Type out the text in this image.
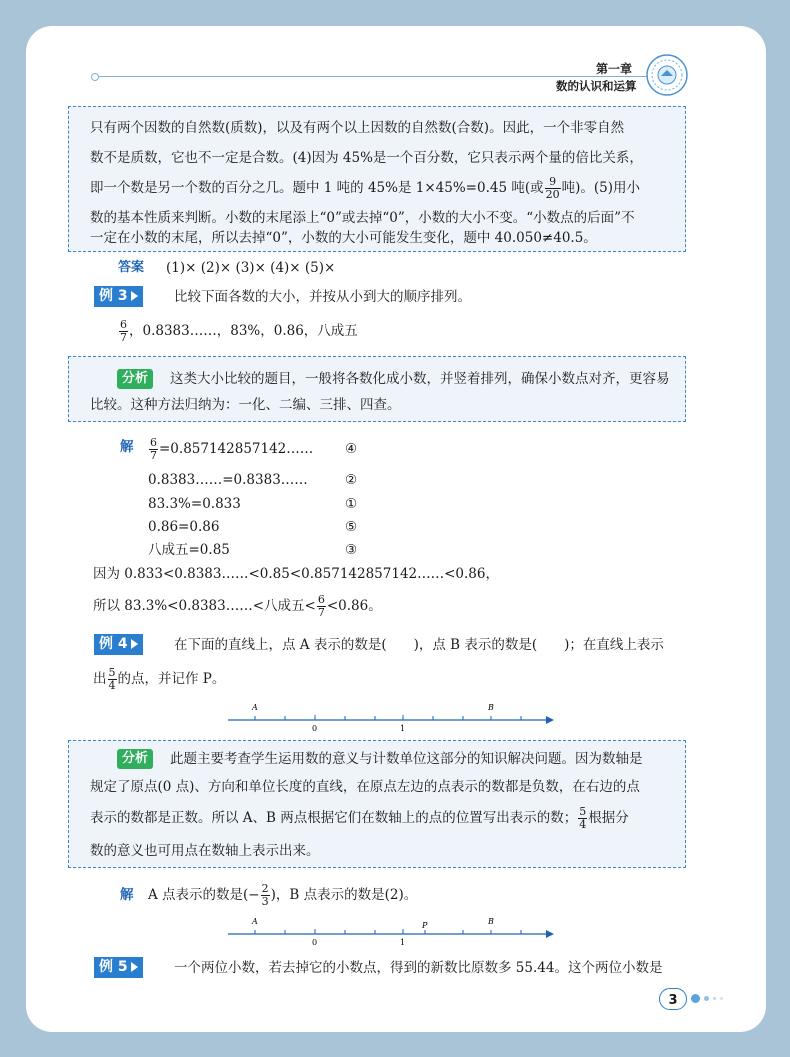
第一章
数的认识和运算
只有两个因数的自然数(质数)，以及有两个以上因数的自然数(合数)。因此，一个非零自然
数不是质数，它也不一定是合数。(4)因为 45%是一个百分数，它只表示两个量的倍比关系，
即一个数是另一个数的百分之几。题中 1 吨的 45%是 1×45%=0.45 吨(或 $\frac{9}{20}$ 吨)。(5)用小
数的基本性质来判断。小数的末尾添上“0”或去掉“0”，小数的大小不变。“小数点的后面”不
一定在小数的末尾，所以去掉“0”，小数的大小可能发生变化，题中 40.050≠40.5。
答案 (1)× (2)× (3)× (4)× (5)×
例 3	比较下面各数的大小，并按从小到大的顺序排列。
$\frac{6}{7}$ ，0.8383……，83%，0.86，八成五
分析	这类大小比较的题目，一般将各数化成小数，并竖着排列，确保小数点对齐，更容易
比较。这种方法归纳为：一化、二编、三排、四查。
解 $\frac{6}{7}$ =0.857142857142…… ④
0.8383……=0.8383……	②
83.3%=0.833	①
0.86=0.86	⑤
八成五=0.85	③
因为 0.833<0.8383……<0.85<0.857142857142……<0.86，
所以 83.3%<0.8383……<八成五< $\frac{6}{7} <0.86$。
例 4	在下面的直线上，点 A 表示的数是(　　)，点 B 表示的数是(　　)；在直线上表示
出 $\frac{5}{4}$ 的点，并记作 P。
A	B
0	1
分析	此题主要考查学生运用数的意义与计数单位这部分的知识解决问题。因为数轴是
规定了原点(0 点)、方向和单位长度的直线，在原点左边的点表示的数都是负数，在右边的点
表示的数都是正数。所以 A、B 两点根据它们在数轴上的点的位置写出表示的数； $\frac{5}{4}$ 根据分
数的意义也可用点在数轴上表示出来。
解 A 点表示的数是(− $\frac{2}{3}$ )，B 点表示的数是(2)。
A	P	B
0	1
例 5	一个两位小数，若去掉它的小数点，得到的新数比原数多 55.44。这个两位小数是
3
